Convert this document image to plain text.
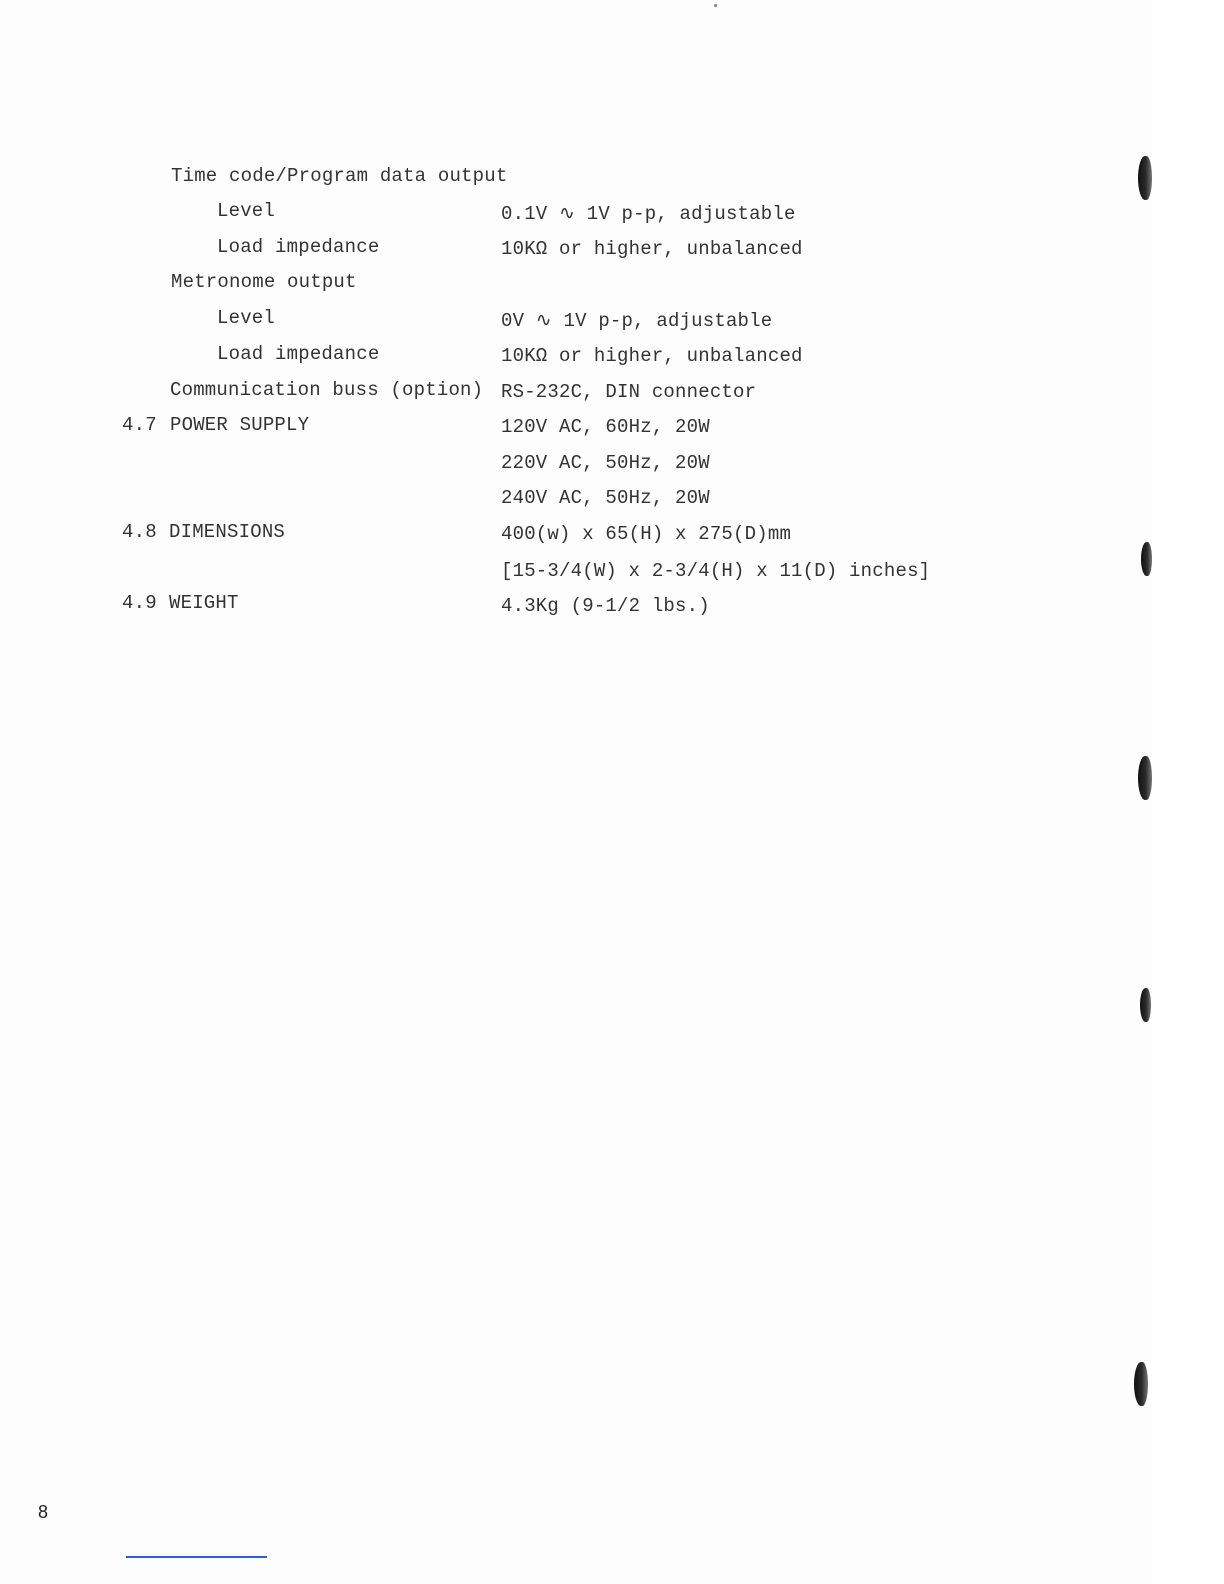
Time code/Program data output
Level	0.1V ∿ 1V p-p, adjustable
Load impedance	10KΩ or higher, unbalanced
Metronome output
Level	0V ∿ 1V p-p, adjustable
Load impedance	10KΩ or higher, unbalanced
Communication buss (option) RS-232C, DIN connector
4.7 POWER SUPPLY	120V AC, 60Hz, 20W
220V AC, 50Hz, 20W
240V AC, 50Hz, 20W
4.8 DIMENSIONS	400(w) x 65(H) x 275(D)mm
[15-3/4(W) x 2-3/4(H) x 11(D) inches]
4.9 WEIGHT	4.3Kg (9-1/2 lbs.)
8
